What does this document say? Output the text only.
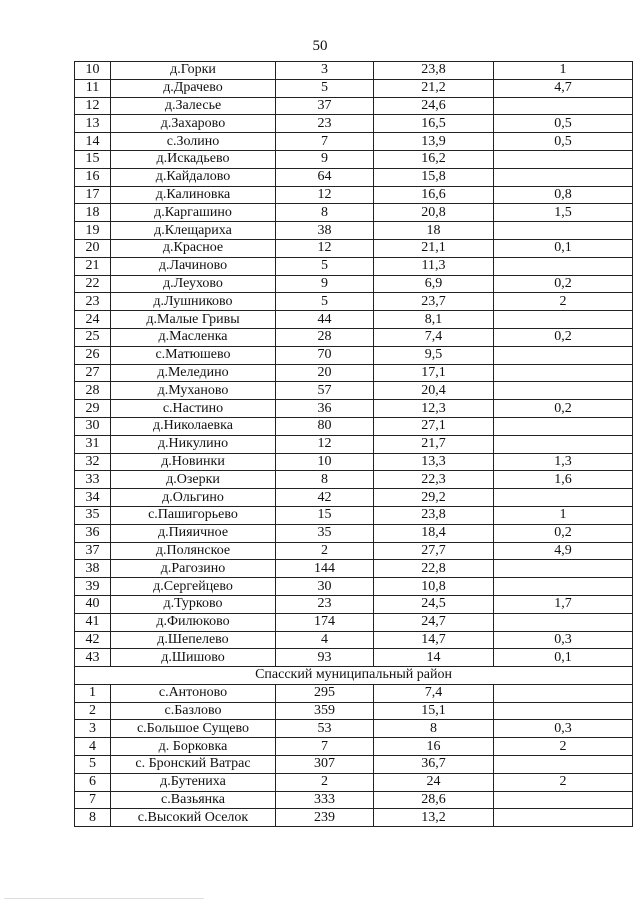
50
10	д.Горки	3	23,8	1
11	д.Драчево	5	21,2	4,7
12	д.Залесье	37	24,6	
13	д.Захарово	23	16,5	0,5
14	с.Золино	7	13,9	0,5
15	д.Искадьево	9	16,2	
16	д.Кайдалово	64	15,8	
17	д.Калиновка	12	16,6	0,8
18	д.Каргашино	8	20,8	1,5
19	д.Клещариха	38	18	
20	д.Красное	12	21,1	0,1
21	д.Лачиново	5	11,3	
22	д.Леухово	9	6,9	0,2
23	д.Лушниково	5	23,7	2
24	д.Малые Гривы	44	8,1	
25	д.Масленка	28	7,4	0,2
26	с.Матюшево	70	9,5	
27	д.Меледино	20	17,1	
28	д.Муханово	57	20,4	
29	с.Настино	36	12,3	0,2
30	д.Николаевка	80	27,1	
31	д.Никулино	12	21,7	
32	д.Новинки	10	13,3	1,3
33	д.Озерки	8	22,3	1,6
34	д.Ольгино	42	29,2	
35	с.Пашигорьево	15	23,8	1
36	д.Пияичное	35	18,4	0,2
37	д.Полянское	2	27,7	4,9
38	д.Рагозино	144	22,8	
39	д.Сергейцево	30	10,8	
40	д.Турково	23	24,5	1,7
41	д.Филюково	174	24,7	
42	д.Шепелево	4	14,7	0,3
43	д.Шишово	93	14	0,1
Спасский муниципальный район				
1	с.Антоново	295	7,4	
2	с.Базлово	359	15,1	
3	с.Большое Сущево	53	8	0,3
4	д. Борковка	7	16	2
5	с. Бронский Ватрас	307	36,7	
6	д.Бутениха	2	24	2
7	с.Вазьянка	333	28,6	
8	с.Высокий Оселок	239	13,2	
